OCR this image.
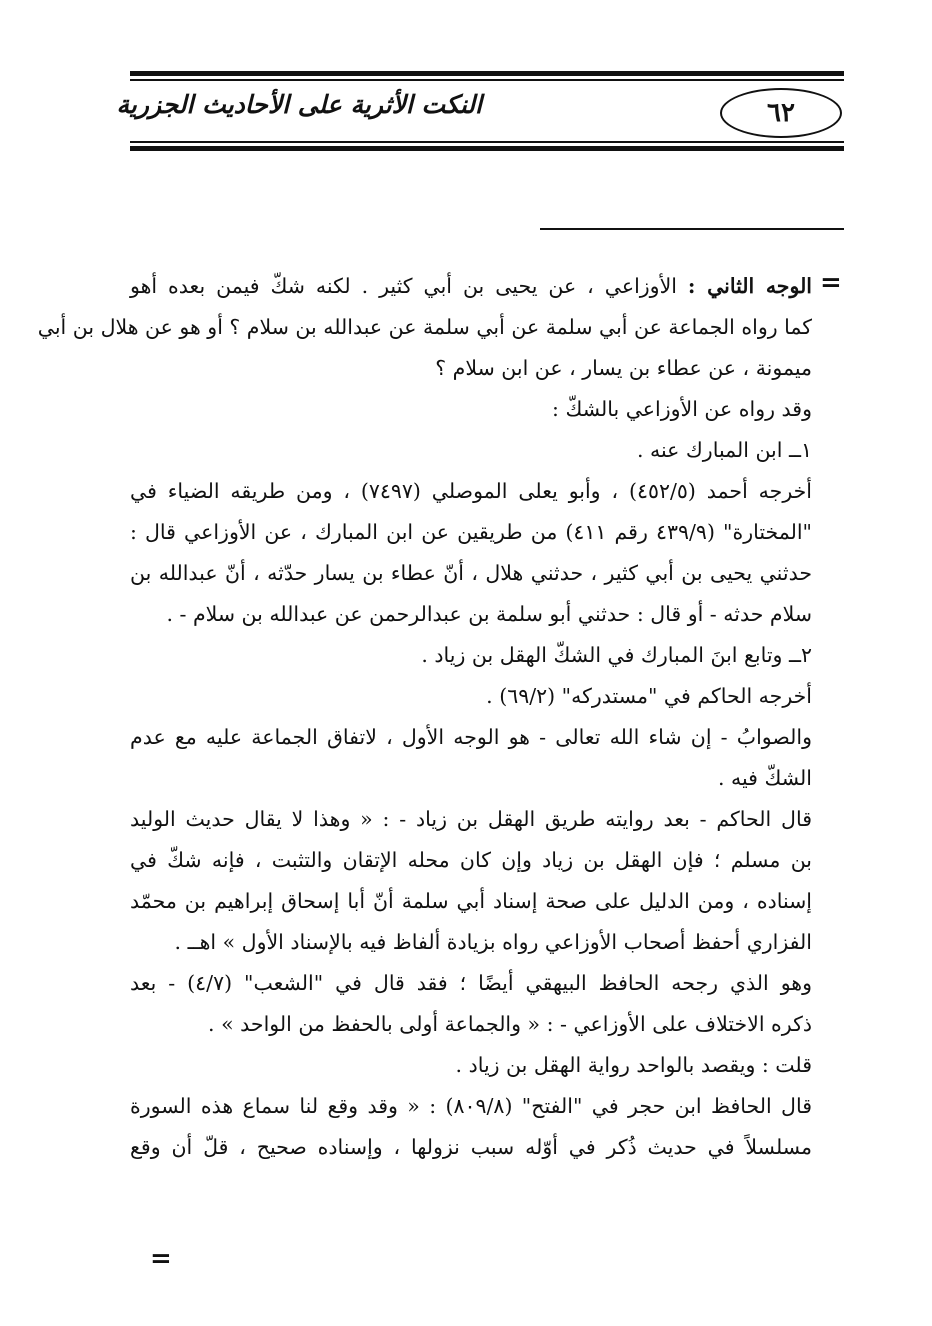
٦٢
النكت الأثرية على الأحاديث الجزرية
=
=
الوجه الثاني : الأوزاعي ، عن يحيى بن أبي كثير . لكنه شكّ فيمن بعده أهو
كما رواه الجماعة عن أبي سلمة عن أبي سلمة عن عبدالله بن سلام ؟ أو هو عن هلال بن أبي
ميمونة ، عن عطاء بن يسار ، عن ابن سلام ؟
وقد رواه عن الأوزاعي بالشكّ :
١ــ ابن المبارك عنه .
أخرجه أحمد (٤٥٢/٥) ، وأبو يعلى الموصلي (٧٤٩٧) ، ومن طريقه الضياء في
"المختارة" (٤٣٩/٩ رقم ٤١١) من طريقين عن ابن المبارك ، عن الأوزاعي قال :
حدثني يحيى بن أبي كثير ، حدثني هلال ، أنّ عطاء بن يسار حدّثه ، أنّ عبدالله بن
سلام حدثه - أو قال : حدثني أبو سلمة بن عبدالرحمن عن عبدالله بن سلام - .
٢ــ وتابع ابنَ المبارك في الشكّ الهقل بن زياد .
أخرجه الحاكم في "مستدركه" (٦٩/٢) .
والصوابُ - إن شاء الله تعالى - هو الوجه الأول ، لاتفاق الجماعة عليه مع عدم
الشكّ فيه .
قال الحاكم - بعد روايته طريق الهقل بن زياد - : « وهذا لا يقال حديث الوليد
بن مسلم ؛ فإن الهقل بن زياد وإن كان محله الإتقان والتثبت ، فإنه شكّ في
إسناده ، ومن الدليل على صحة إسناد أبي سلمة أنّ أبا إسحاق إبراهيم بن محمّد
الفزاري أحفظ أصحاب الأوزاعي رواه بزيادة ألفاظ فيه بالإسناد الأول » اهــ .
وهو الذي رجحه الحافظ البيهقي أيضًا ؛ فقد قال في "الشعب" (٤/٧) - بعد
ذكره الاختلاف على الأوزاعي - : « والجماعة أولى بالحفظ من الواحد » .
قلت : ويقصد بالواحد رواية الهقل بن زياد .
قال الحافظ ابن حجر في "الفتح" (٨٠٩/٨) : « وقد وقع لنا سماع هذه السورة
مسلسلاً في حديث ذُكر في أوّله سبب نزولها ، وإسناده صحيح ، قلّ أن وقع
